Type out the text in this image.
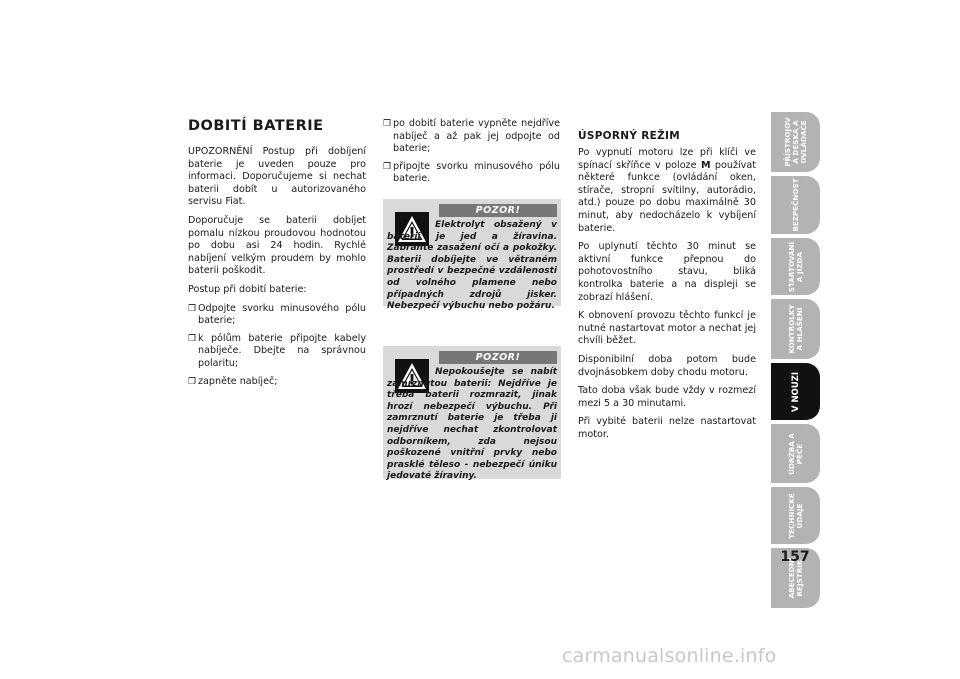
DOBITÍ BATERIE

UPOZORNĚNÍ Postup při dobíjení baterie je uveden pouze pro informaci. Doporučujeme si nechat baterii dobít u autorizovaného servisu Fiat.

Doporučuje se baterii dobíjet pomalu nízkou proudovou hodnotou po dobu asi 24 hodin. Rychlé nabíjení velkým proudem by mohlo baterii poškodit.

Postup při dobití baterie:

❐ Odpojte svorku minusového pólu baterie;
❐ k pólům baterie připojte kabely nabíječe. Dbejte na správnou polaritu;
❐ zapněte nabíječ;
❐ po dobití baterie vypněte nejdříve nabíječ a až pak jej odpojte od baterie;
❐ připojte svorku minusového pólu baterie.
POZOR!
Elektrolyt obsažený v baterii je jed a žíravina. Zabraňte zasažení očí a pokožky. Baterii dobíjejte ve větraném prostředí v bezpečné vzdálenosti od volného plamene nebo případných zdrojů jisker. Nebezpečí výbuchu nebo požáru.
POZOR!
Nepokoušejte se nabít zamrznutou baterii: Nejdříve je třeba baterii rozmrazit, jinak hrozí nebezpečí výbuchu. Při zamrznutí baterie je třeba ji nejdříve nechat zkontrolovat odborníkem, zda nejsou poškozené vnitřní prvky nebo prasklé těleso - nebezpečí úniku jedovaté žíraviny.
ÚSPORNÝ REŽIM

Po vypnutí motoru lze při klíči ve spínací skříňce v poloze M používat některé funkce (ovládání oken, stírače, stropní svítilny, autorádio, atd.) pouze po dobu maximálně 30 minut, aby nedocházelo k vybíjení baterie.

Po uplynutí těchto 30 minut se aktivní funkce přepnou do pohotovostního stavu, bliká kontrolka baterie a na displeji se zobrazí hlášení.

K obnovení provozu těchto funkcí je nutné nastartovat motor a nechat jej chvíli běžet.

Disponibilní doba potom bude dvojnásobkem doby chodu motoru.

Tato doba však bude vždy v rozmezí mezi 5 a 30 minutami.

Při vybité baterii nelze nastartovat motor.

PŘÍSTROJOV
Á DESKA A
OVLÁDAČE
BEZPEČNOST
STARTOVÁNÍ
A JÍZDA
KONTROLKY
A HLÁŠENÍ
V NOUZI
ÚDRŽBA A
PÉČE
TECHNICKÉ
ÚDAJE
ABECEDNÍ
REJSTŘÍK
157
carmanualsonline.info
